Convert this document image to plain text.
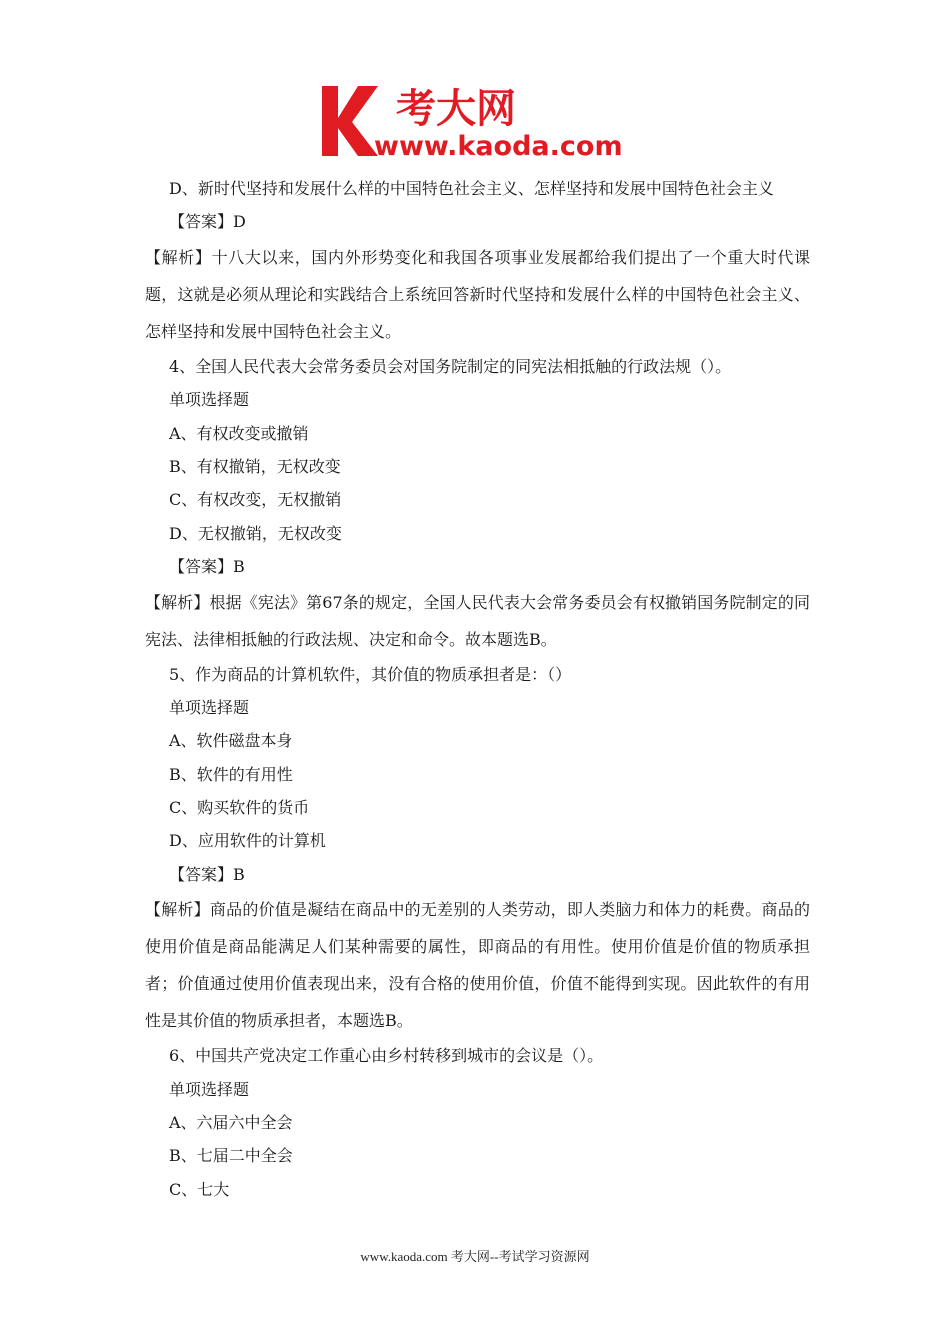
考大网
www.kaoda.com
D、新时代坚持和发展什么样的中国特色社会主义、怎样坚持和发展中国特色社会主义
【答案】D

【解析】十八大以来，国内外形势变化和我国各项事业发展都给我们提出了一个重大时代课题，这就是必须从理论和实践结合上系统回答新时代坚持和发展什么样的中国特色社会主义、怎样坚持和发展中国特色社会主义。

4、全国人民代表大会常务委员会对国务院制定的同宪法相抵触的行政法规（）。
单项选择题
A、有权改变或撤销
B、有权撤销，无权改变
C、有权改变，无权撤销
D、无权撤销，无权改变
【答案】B

【解析】根据《宪法》第67条的规定，全国人民代表大会常务委员会有权撤销国务院制定的同宪法、法律相抵触的行政法规、决定和命令。故本题选B。

5、作为商品的计算机软件，其价值的物质承担者是：（）
单项选择题
A、软件磁盘本身
B、软件的有用性
C、购买软件的货币
D、应用软件的计算机
【答案】B

【解析】商品的价值是凝结在商品中的无差别的人类劳动，即人类脑力和体力的耗费。商品的使用价值是商品能满足人们某种需要的属性，即商品的有用性。使用价值是价值的物质承担者；价值通过使用价值表现出来，没有合格的使用价值，价值不能得到实现。因此软件的有用性是其价值的物质承担者，本题选B。

6、中国共产党决定工作重心由乡村转移到城市的会议是（）。
单项选择题
A、六届六中全会
B、七届二中全会
C、七大
www.kaoda.com 考大网--考试学习资源网
